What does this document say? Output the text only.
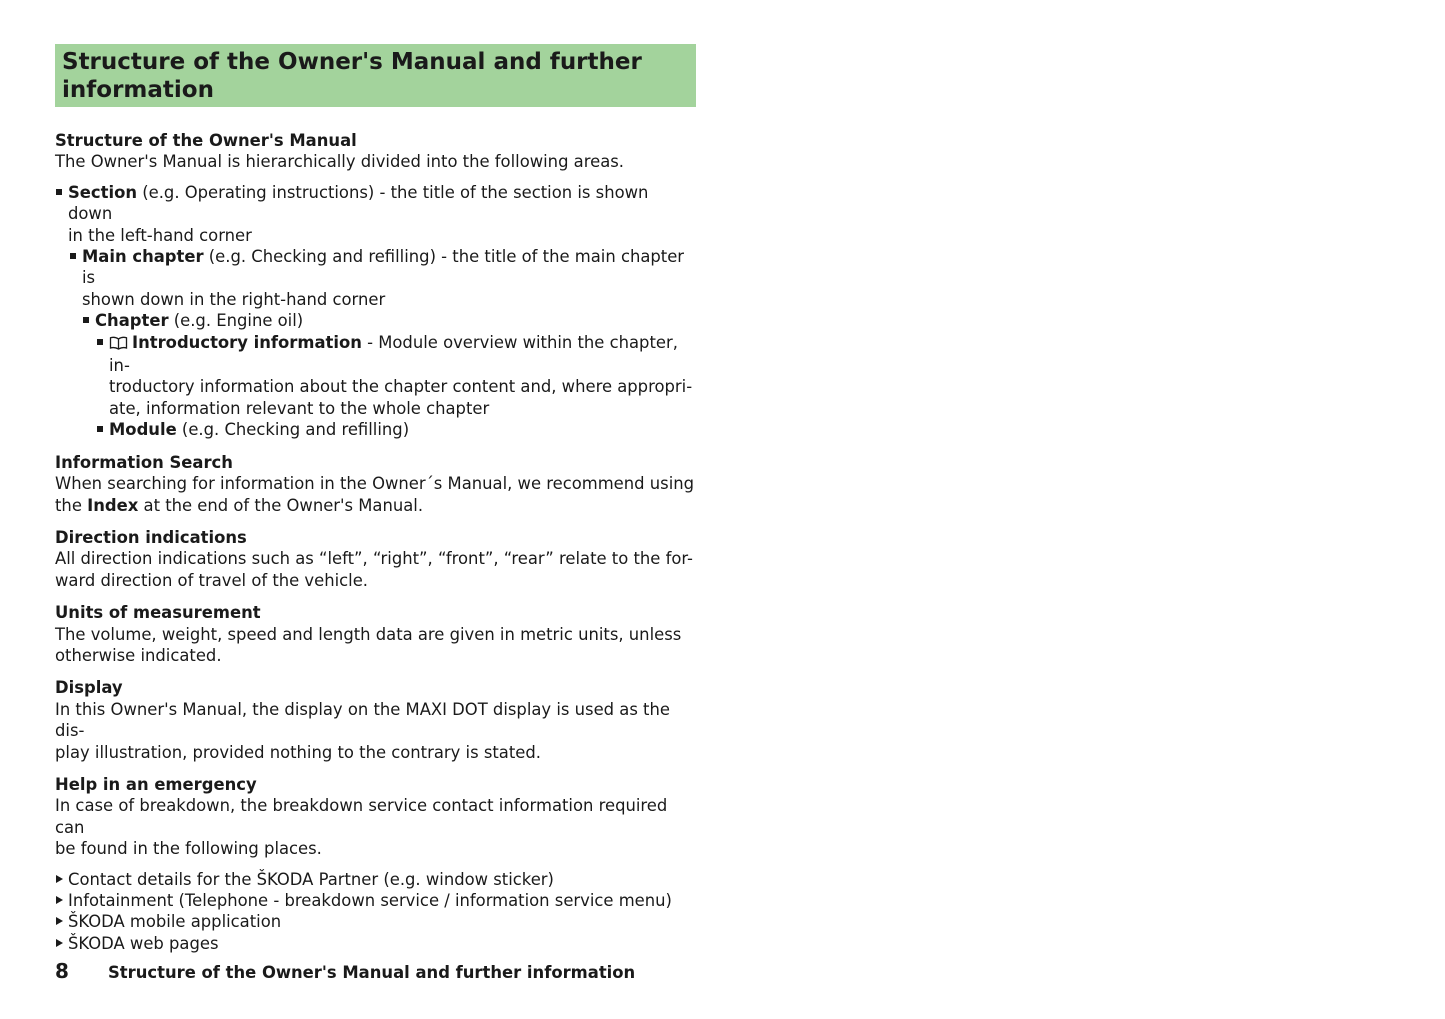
Structure of the Owner's Manual and further
information
Structure of the Owner's Manual
The Owner's Manual is hierarchically divided into the following areas.
Section (e.g. Operating instructions) - the title of the section is shown down
in the left-hand corner
Main chapter (e.g. Checking and refilling) - the title of the main chapter is
shown down in the right-hand corner
Chapter (e.g. Engine oil)
Introductory information - Module overview within the chapter, in-
troductory information about the chapter content and, where appropri-
ate, information relevant to the whole chapter
Module (e.g. Checking and refilling)
Information Search
When searching for information in the Owner´s Manual, we recommend using
the Index at the end of the Owner's Manual.
Direction indications
All direction indications such as “left”, “right”, “front”, “rear” relate to the for-
ward direction of travel of the vehicle.
Units of measurement
The volume, weight, speed and length data are given in metric units, unless
otherwise indicated.
Display
In this Owner's Manual, the display on the MAXI DOT display is used as the dis-
play illustration, provided nothing to the contrary is stated.
Help in an emergency
In case of breakdown, the breakdown service contact information required can
be found in the following places.
Contact details for the ŠKODA Partner (e.g. window sticker)
Infotainment (Telephone - breakdown service / information service menu)
ŠKODA mobile application
ŠKODA web pages
8 Structure of the Owner's Manual and further information
